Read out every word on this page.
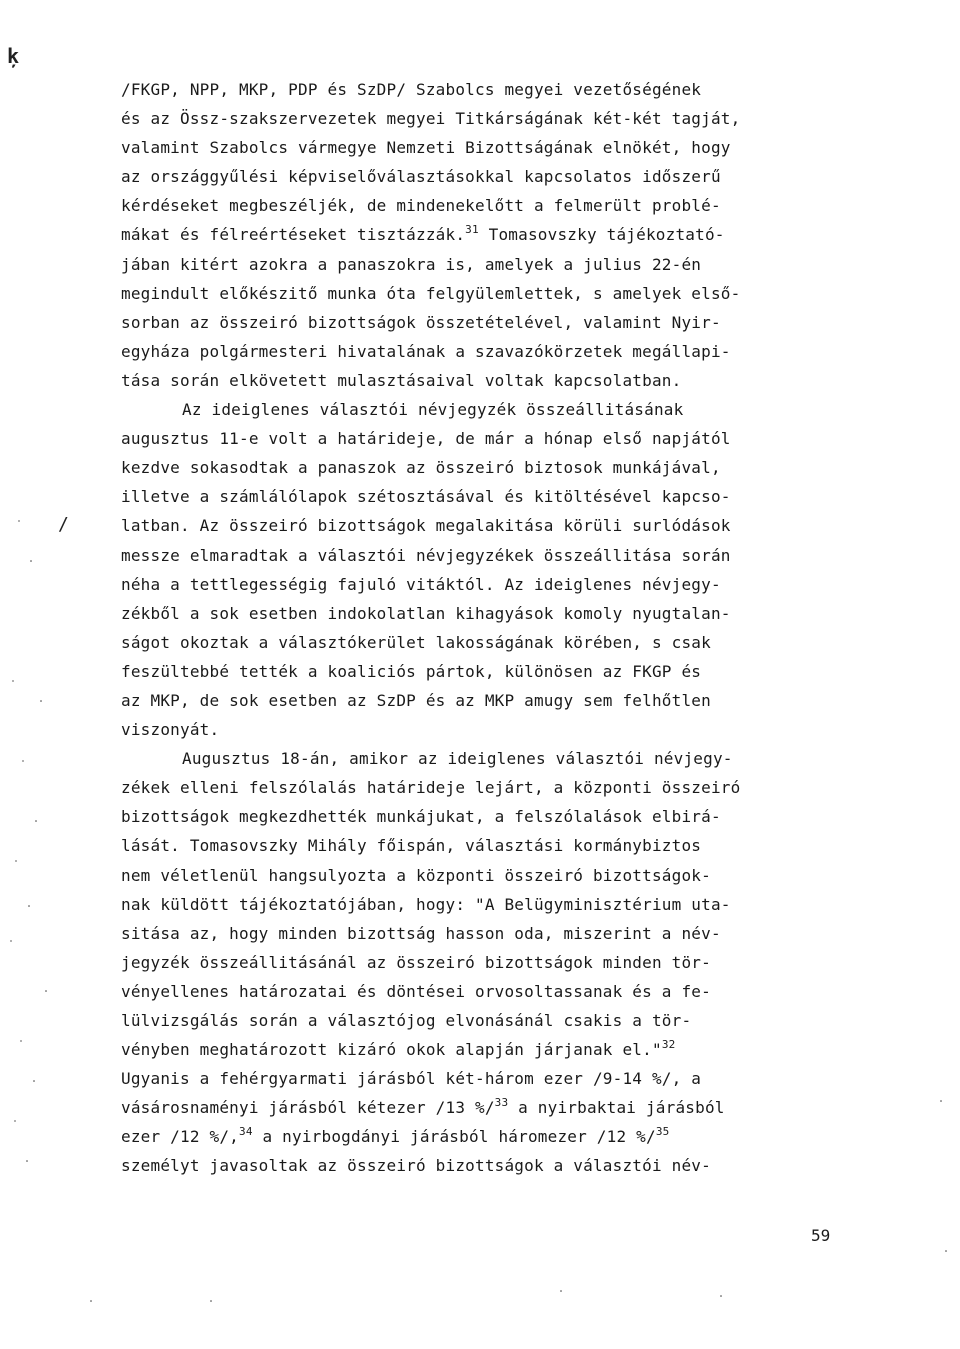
ķ
/
/FKGP, NPP, MKP, PDP és SzDP/ Szabolcs megyei vezetőségének
és az Össz-szakszervezetek megyei Titkárságának két-két tagját,
valamint Szabolcs vármegye Nemzeti Bizottságának elnökét, hogy
az országgyűlési képviselőválasztásokkal kapcsolatos időszerű
kérdéseket megbeszéljék, de mindenekelőtt a felmerült problé-
mákat és félreértéseket tisztázzák.$^{31}$ Tomasovszky tájékoztató-
jában kitért azokra a panaszokra is, amelyek a julius 22-én
megindult előkészitő munka óta felgyülemlettek, s amelyek első-
sorban az összeiró bizottságok összetételével, valamint Nyir-
egyháza polgármesteri hivatalának a szavazókörzetek megállapi-
tása során elkövetett mulasztásaival voltak kapcsolatban.
Az ideiglenes választói névjegyzék összeállitásának
augusztus 11-e volt a határideje, de már a hónap első napjától
kezdve sokasodtak a panaszok az összeiró biztosok munkájával,
illetve a számlálólapok szétosztásával és kitöltésével kapcso-
latban. Az összeiró bizottságok megalakitása körüli surlódások
messze elmaradtak a választói névjegyzékek összeállitása során
néha a tettlegességig fajuló vitáktól. Az ideiglenes névjegy-
zékből a sok esetben indokolatlan kihagyások komoly nyugtalan-
ságot okoztak a választókerület lakosságának körében, s csak
feszültebbé tették a koaliciós pártok, különösen az FKGP és
az MKP, de sok esetben az SzDP és az MKP amugy sem felhőtlen
viszonyát.
Augusztus 18-án, amikor az ideiglenes választói névjegy-
zékek elleni felszólalás határideje lejárt, a központi összeiró
bizottságok megkezdhették munkájukat, a felszólalások elbirá-
lását. Tomasovszky Mihály főispán, választási kormánybiztos
nem véletlenül hangsulyozta a központi összeiró bizottságok-
nak küldött tájékoztatójában, hogy: "A Belügyminisztérium uta-
sitása az, hogy minden bizottság hasson oda, miszerint a név-
jegyzék összeállitásánál az összeiró bizottságok minden tör-
vényellenes határozatai és döntései orvosoltassanak és a fe-
lülvizsgálás során a választójog elvonásánál csakis a tör-
vényben meghatározott kizáró okok alapján járjanak el."$^{32}$
Ugyanis a fehérgyarmati járásból két-három ezer /9-14 %/, a
vásárosnaményi járásból kétezer /13 %/$^{33}$ a nyirbaktai járásból
ezer /12 %/,$^{34}$ a nyirbogdányi járásból háromezer /12 %/$^{35}$
személyt javasoltak az összeiró bizottságok a választói név-
59
